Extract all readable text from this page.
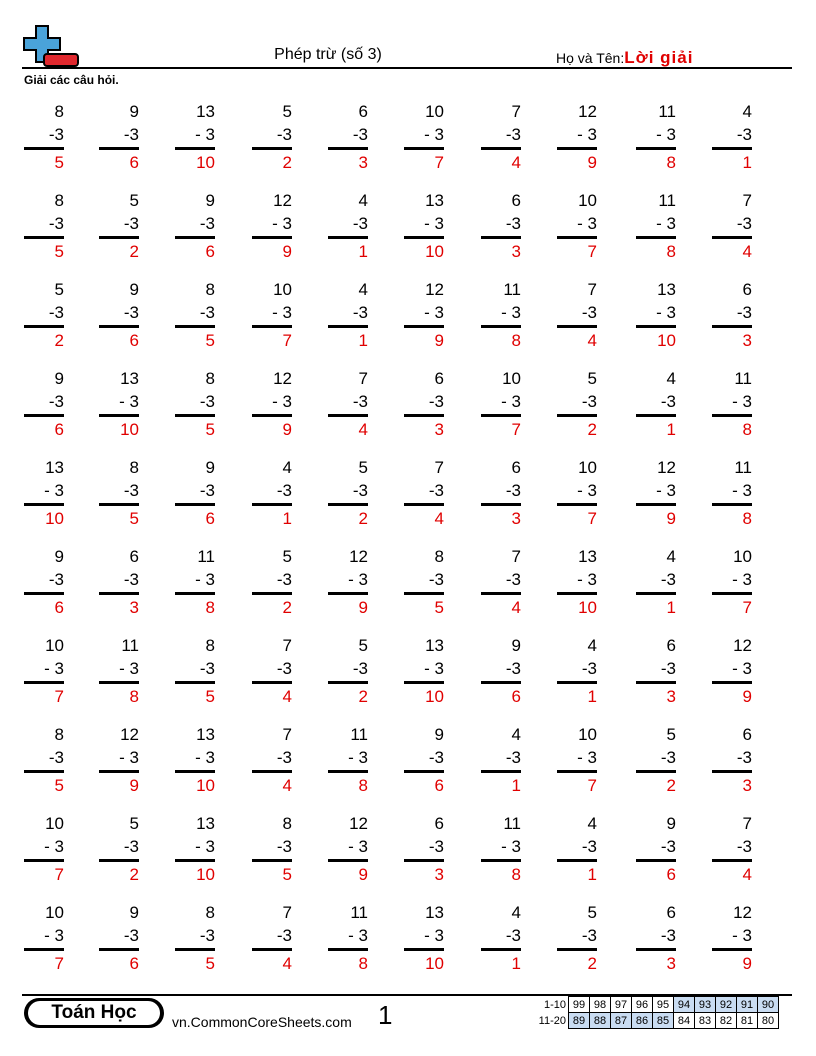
Phép trừ (số 3)	Họ và Tên:Lời giải
Giải các câu hỏi.
8
-3
5
9
-3
6
13
- 3
10
5
-3
2
6
-3
3
10
- 3
7
7
-3
4
12
- 3
9
11
- 3
8
4
-3
1
8
-3
5
5
-3
2
9
-3
6
12
- 3
9
4
-3
1
13
- 3
10
6
-3
3
10
- 3
7
11
- 3
8
7
-3
4
5
-3
2
9
-3
6
8
-3
5
10
- 3
7
4
-3
1
12
- 3
9
11
- 3
8
7
-3
4
13
- 3
10
6
-3
3
9
-3
6
13
- 3
10
8
-3
5
12
- 3
9
7
-3
4
6
-3
3
10
- 3
7
5
-3
2
4
-3
1
11
- 3
8
13
- 3
10
8
-3
5
9
-3
6
4
-3
1
5
-3
2
7
-3
4
6
-3
3
10
- 3
7
12
- 3
9
11
- 3
8
9
-3
6
6
-3
3
11
- 3
8
5
-3
2
12
- 3
9
8
-3
5
7
-3
4
13
- 3
10
4
-3
1
10
- 3
7
10
- 3
7
11
- 3
8
8
-3
5
7
-3
4
5
-3
2
13
- 3
10
9
-3
6
4
-3
1
6
-3
3
12
- 3
9
8
-3
5
12
- 3
9
13
- 3
10
7
-3
4
11
- 3
8
9
-3
6
4
-3
1
10
- 3
7
5
-3
2
6
-3
3
10
- 3
7
5
-3
2
13
- 3
10
8
-3
5
12
- 3
9
6
-3
3
11
- 3
8
4
-3
1
9
-3
6
7
-3
4
10
- 3
7
9
-3
6
8
-3
5
7
-3
4
11
- 3
8
13
- 3
10
4
-3
1
5
-3
2
6
-3
3
12
- 3
9
Toán Học	vn.CommonCoreSheets.com 1	1-10	99	98	97	96	95	94	93	92	91	90
11-20	89	88	87	86	85	84	83	82	81	80
